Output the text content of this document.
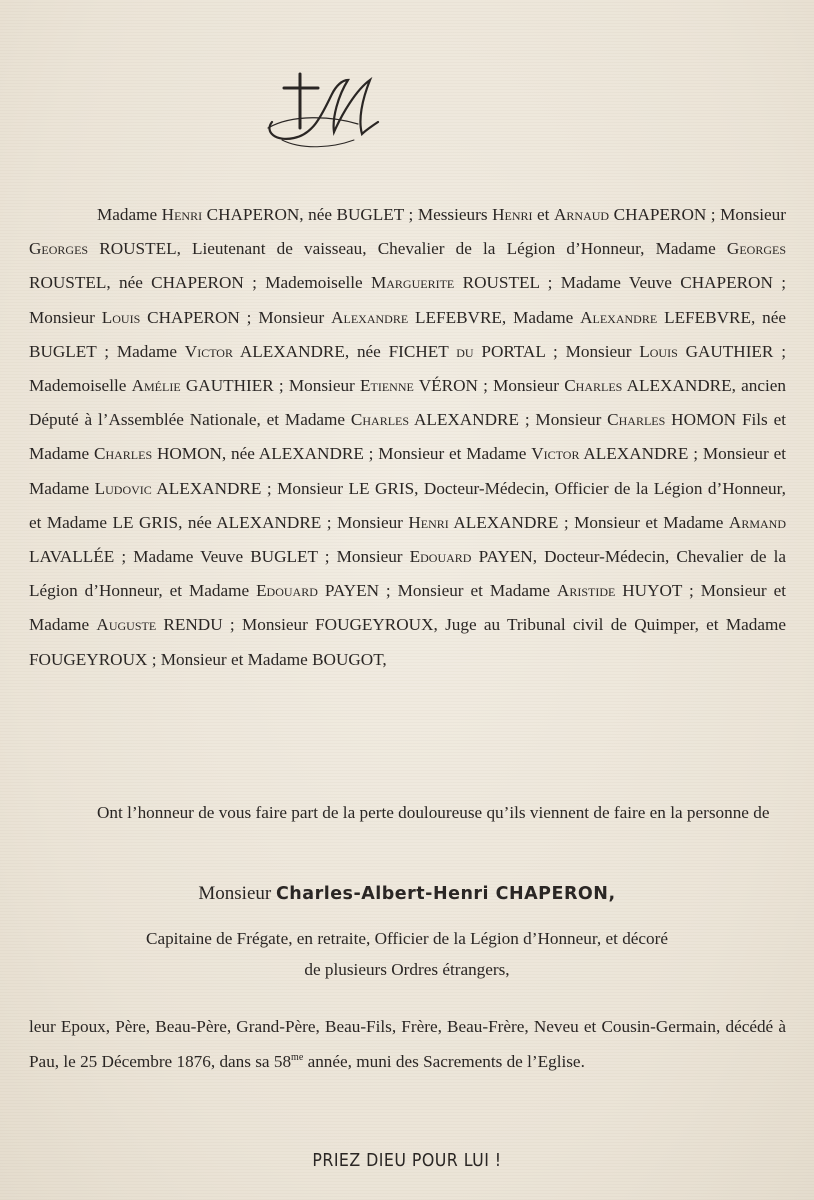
Madame Henri CHAPERON, née BUGLET ; Messieurs Henri et Arnaud CHAPERON ; Monsieur Georges ROUSTEL, Lieutenant de vaisseau, Chevalier de la Légion d’Honneur, Madame Georges ROUSTEL, née CHAPERON ; Mademoiselle Marguerite ROUSTEL ; Madame Veuve CHAPERON ; Monsieur Louis CHAPERON ; Monsieur Alexandre LEFEBVRE, Madame Alexandre LEFEBVRE, née BUGLET ; Madame Victor ALEXANDRE, née FICHET du PORTAL ; Monsieur Louis GAUTHIER ; Mademoiselle Amélie GAUTHIER ; Monsieur Etienne VÉRON ; Monsieur Charles ALEXANDRE, ancien Député à l’Assemblée Nationale, et Madame Charles ALEXANDRE ; Monsieur Charles HOMON Fils et Madame Charles HOMON, née ALEXANDRE ; Monsieur et Madame Victor ALEXANDRE ; Monsieur et Madame Ludovic ALEXANDRE ; Monsieur LE GRIS, Docteur-Médecin, Officier de la Légion d’Honneur, et Madame LE GRIS, née ALEXANDRE ; Monsieur Henri ALEXANDRE ; Monsieur et Madame Armand LAVALLÉE ; Madame Veuve BUGLET ; Monsieur Edouard PAYEN, Docteur-Médecin, Chevalier de la Légion d’Honneur, et Madame Edouard PAYEN ; Monsieur et Madame Aristide HUYOT ; Monsieur et Madame Auguste RENDU ; Monsieur FOUGEYROUX, Juge au Tribunal civil de Quimper, et Madame FOUGEYROUX ; Monsieur et Madame BOUGOT,

Ont l’honneur de vous faire part de la perte douloureuse qu’ils viennent de faire en la personne de

Monsieur Charles-Albert-Henri CHAPERON,

Capitaine de Frégate, en retraite, Officier de la Légion d’Honneur, et décoré

de plusieurs Ordres étrangers,

leur Epoux, Père, Beau-Père, Grand-Père, Beau-Fils, Frère, Beau-Frère, Neveu et Cousin-Germain, décédé à Pau, le 25 Décembre 1876, dans sa $58^{me}$ année, muni des Sacrements de l’Eglise.

PRIEZ DIEU POUR LUI !
